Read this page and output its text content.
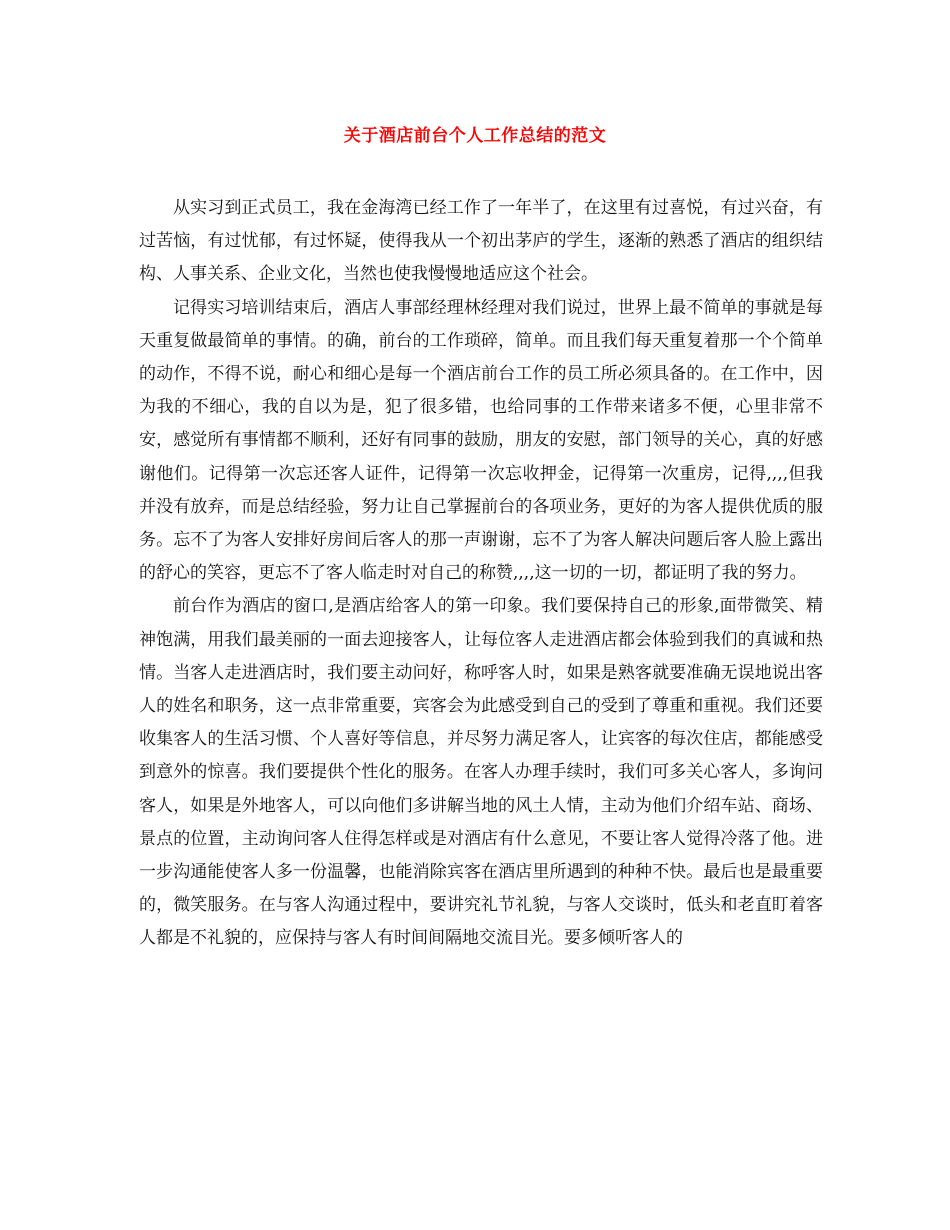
关于酒店前台个人工作总结的范文

从实习到正式员工，我在金海湾已经工作了一年半了，在这里有过喜悦，有过兴奋，有过苦恼，有过忧郁，有过怀疑，使得我从一个初出茅庐的学生，逐渐的熟悉了酒店的组织结构、人事关系、企业文化，当然也使我慢慢地适应这个社会。

记得实习培训结束后，酒店人事部经理林经理对我们说过，世界上最不简单的事就是每天重复做最简单的事情。的确，前台的工作琐碎，简单。而且我们每天重复着那一个个简单的动作，不得不说，耐心和细心是每一个酒店前台工作的员工所必须具备的。在工作中，因为我的不细心，我的自以为是，犯了很多错，也给同事的工作带来诸多不便，心里非常不安，感觉所有事情都不顺利，还好有同事的鼓励，朋友的安慰，部门领导的关心，真的好感谢他们。记得第一次忘还客人证件，记得第一次忘收押金，记得第一次重房，记得,,,,但我并没有放弃，而是总结经验，努力让自己掌握前台的各项业务，更好的为客人提供优质的服务。忘不了为客人安排好房间后客人的那一声谢谢，忘不了为客人解决问题后客人脸上露出的舒心的笑容，更忘不了客人临走时对自己的称赞,,,,这一切的一切，都证明了我的努力。

前台作为酒店的窗口,是酒店给客人的第一印象。我们要保持自己的形象,面带微笑、精神饱满，用我们最美丽的一面去迎接客人，让每位客人走进酒店都会体验到我们的真诚和热情。当客人走进酒店时，我们要主动问好，称呼客人时，如果是熟客就要准确无误地说出客人的姓名和职务，这一点非常重要，宾客会为此感受到自己的受到了尊重和重视。我们还要收集客人的生活习惯、个人喜好等信息，并尽努力满足客人，让宾客的每次住店，都能感受到意外的惊喜。我们要提供个性化的服务。在客人办理手续时，我们可多关心客人，多询问客人，如果是外地客人，可以向他们多讲解当地的风土人情，主动为他们介绍车站、商场、景点的位置，主动询问客人住得怎样或是对酒店有什么意见，不要让客人觉得冷落了他。进一步沟通能使客人多一份温馨，也能消除宾客在酒店里所遇到的种种不快。最后也是最重要的，微笑服务。在与客人沟通过程中，要讲究礼节礼貌，与客人交谈时，低头和老直盯着客人都是不礼貌的，应保持与客人有时间间隔地交流目光。要多倾听客人的
